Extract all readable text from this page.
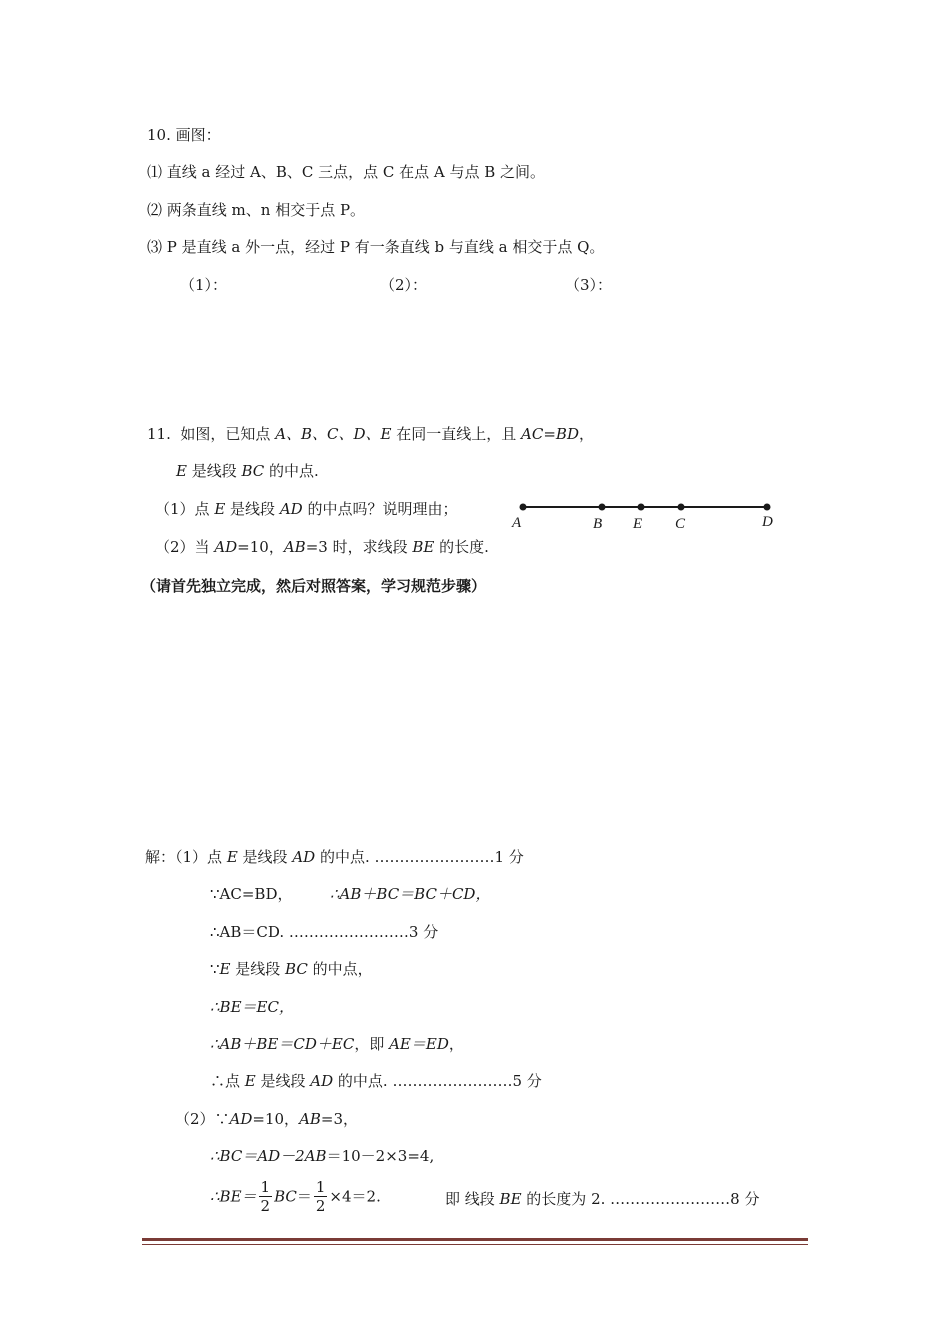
10. 画图：
⑴ 直线 a 经过 A、B、C 三点，点 C 在点 A 与点 B 之间。
⑵ 两条直线 m、n 相交于点 P。
⑶ P 是直线 a 外一点，经过 P 有一条直线 b 与直线 a 相交于点 Q。
（1）：	（2）：	（3）：
11. 如图，已知点 A、B、C、D、E 在同一直线上，且 AC=BD，
E 是线段 BC 的中点.
（1）点 E 是线段 AD 的中点吗？说明理由；
（2）当 AD=10，AB=3 时，求线段 BE 的长度.
A	B E C	D
（请首先独立完成，然后对照答案，学习规范步骤）
解：（1）点 E 是线段 AD 的中点. ……………………1 分
∵AC=BD，	∴AB＋BC＝BC＋CD，
∴AB＝CD. ……………………3 分
∵E 是线段 BC 的中点，
∴BE＝EC，
∴AB＋BE＝CD＋EC，即 AE＝ED，
∴点 E 是线段 AD 的中点. ……………………5 分
（2）∵AD=10，AB=3，
∴BC＝AD－2AB＝10－2×3=4,
∴BE＝ $\frac{1}{2} BC= \frac{1}{2} \times 4=2$.	即 线段 BE 的长度为 2. ……………………8 分
